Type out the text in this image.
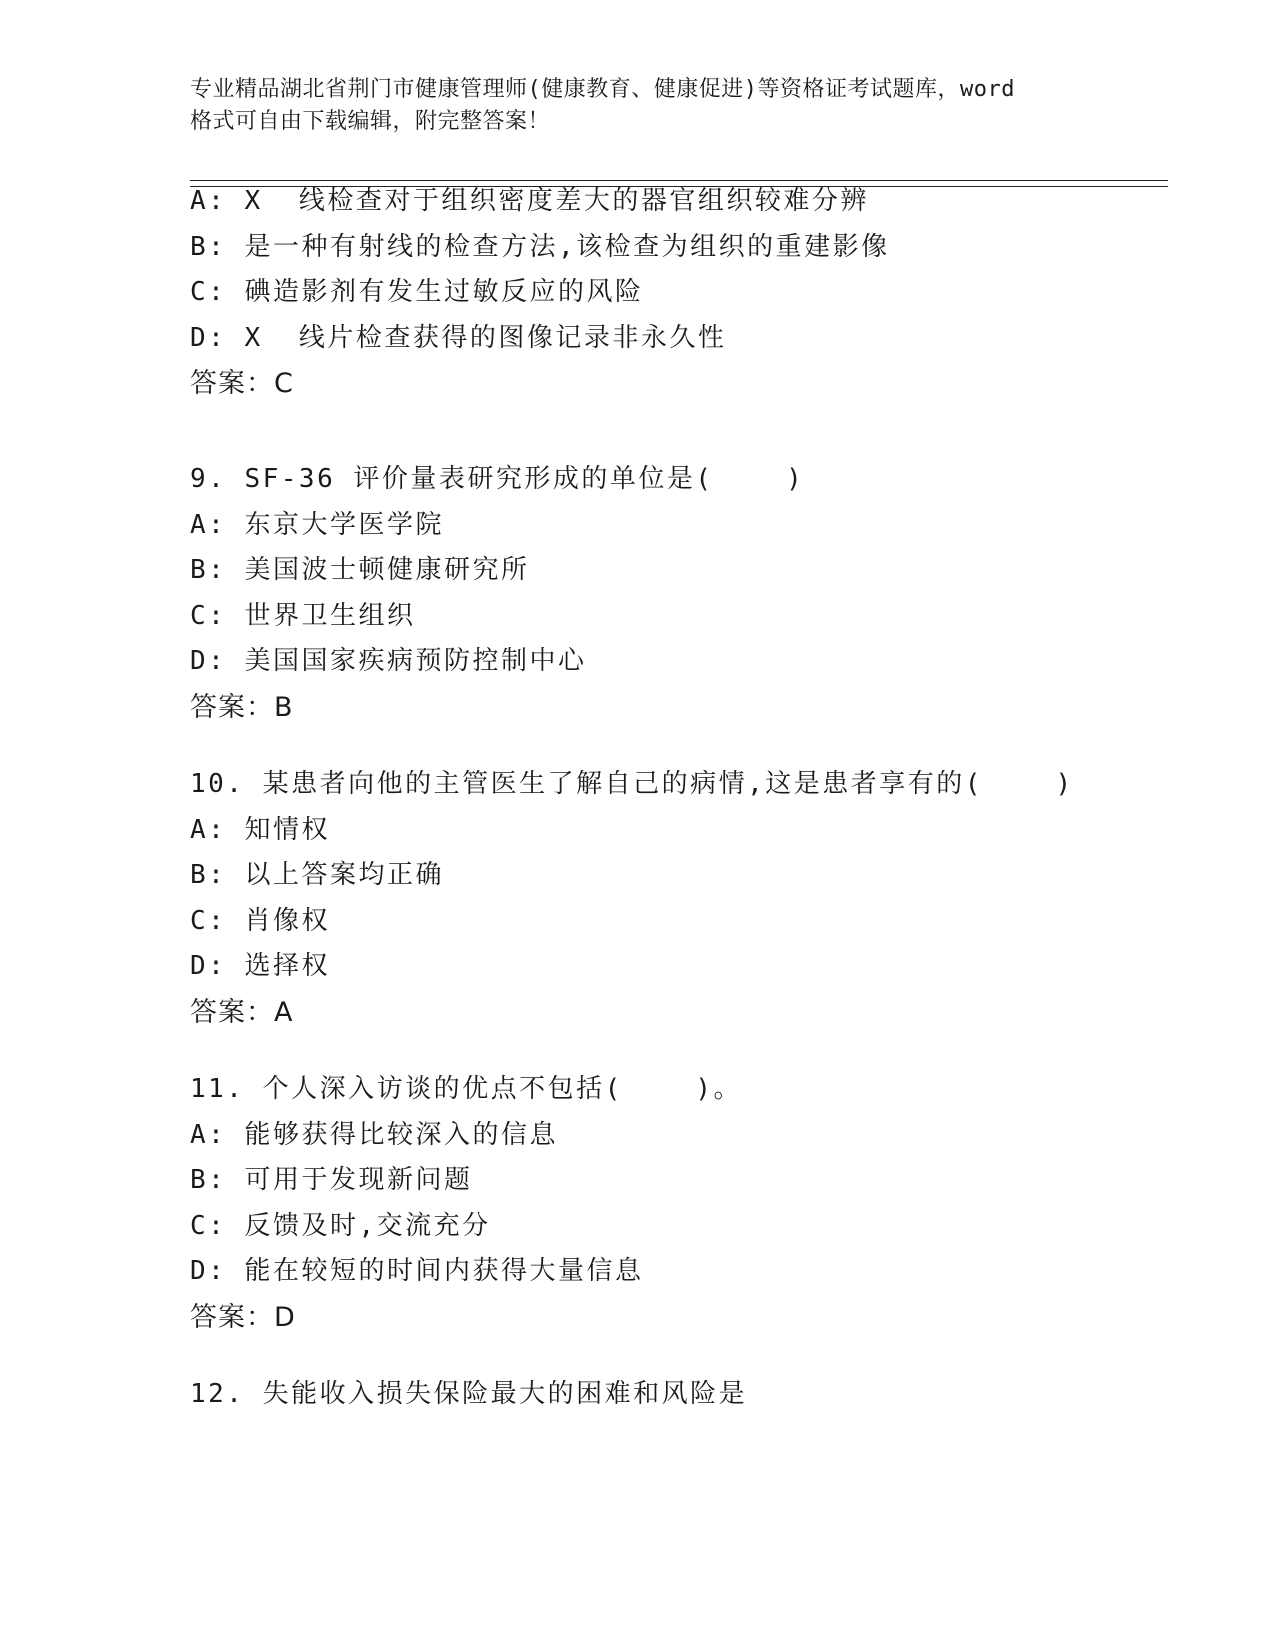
专业精品湖北省荆门市健康管理师(健康教育、健康促进)等资格证考试题库，word
格式可自由下载编辑，附完整答案！
A: X  线检查对于组织密度差大的器官组织较难分辨
B: 是一种有射线的检查方法,该检查为组织的重建影像
C: 碘造影剂有发生过敏反应的风险
D: X  线片检查获得的图像记录非永久性
答案：C
9. SF-36 评价量表研究形成的单位是(    )
A: 东京大学医学院
B: 美国波士顿健康研究所
C: 世界卫生组织
D: 美国国家疾病预防控制中心
答案：B
10. 某患者向他的主管医生了解自己的病情,这是患者享有的(    )
A: 知情权
B: 以上答案均正确
C: 肖像权
D: 选择权
答案：A
11. 个人深入访谈的优点不包括(    )。
A: 能够获得比较深入的信息
B: 可用于发现新问题
C: 反馈及时,交流充分
D: 能在较短的时间内获得大量信息
答案：D
12. 失能收入损失保险最大的困难和风险是
